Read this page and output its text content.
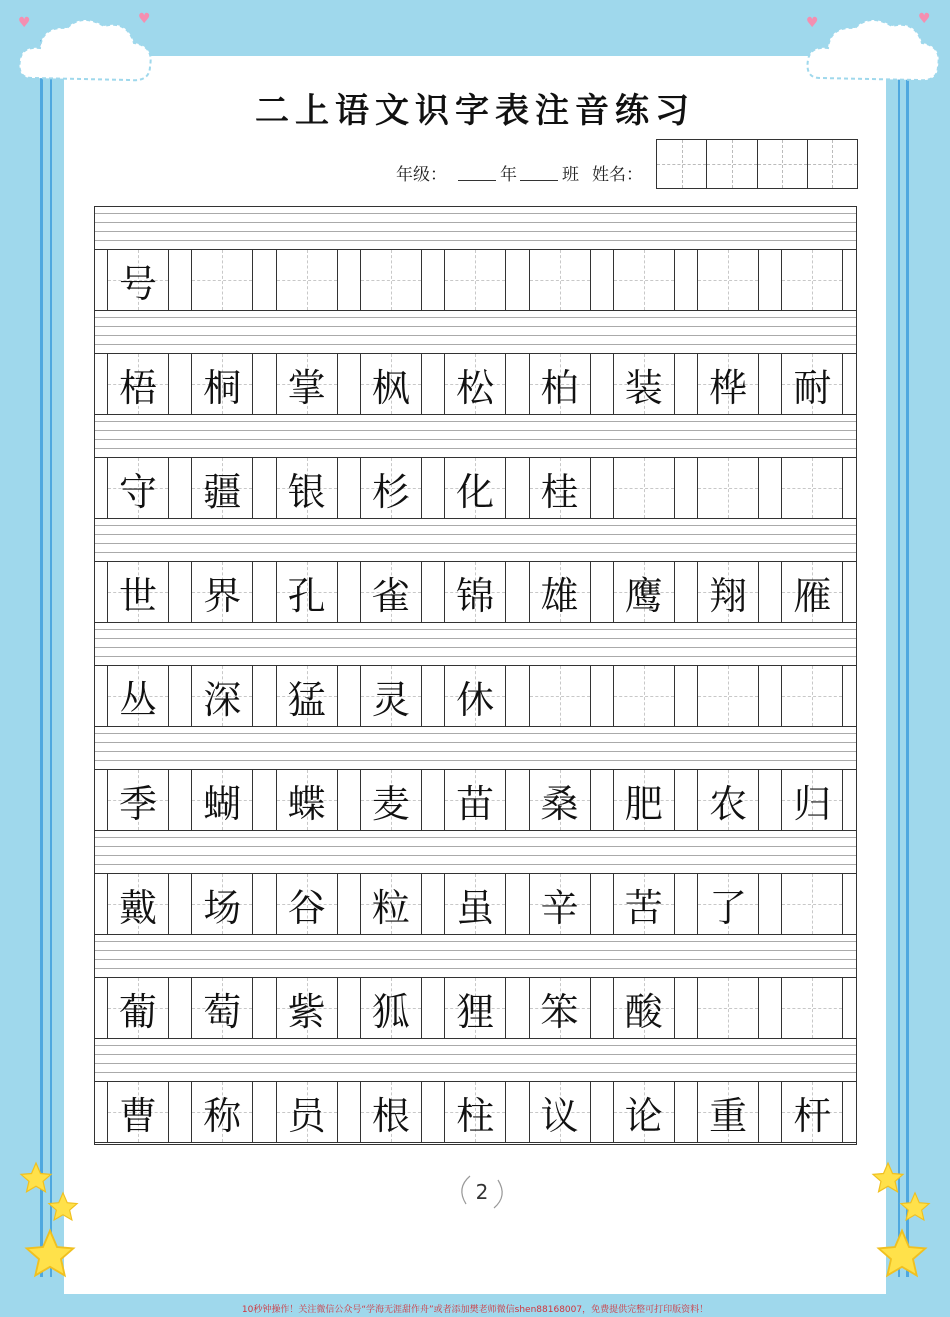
♥	♥	♥	♥
二上语文识字表注音练习
年级：	年	班 姓名：
号
梧 桐 掌 枫 松 柏 装 桦 耐
守 疆 银 杉 化 桂
世 界 孔 雀 锦 雄 鹰 翔 雁
丛 深 猛 灵 休
季 蝴 蝶 麦 苗 桑 肥 农 归
戴 场 谷 粒 虽 辛 苦 了
葡 萄 紫 狐 狸 笨 酸
曹 称 员 根 柱 议 论 重 杆
2
10秒钟操作！关注微信公众号“学海无涯甜作舟”或者添加樊老师微信shen88168007，免费提供完整可打印版资料！
